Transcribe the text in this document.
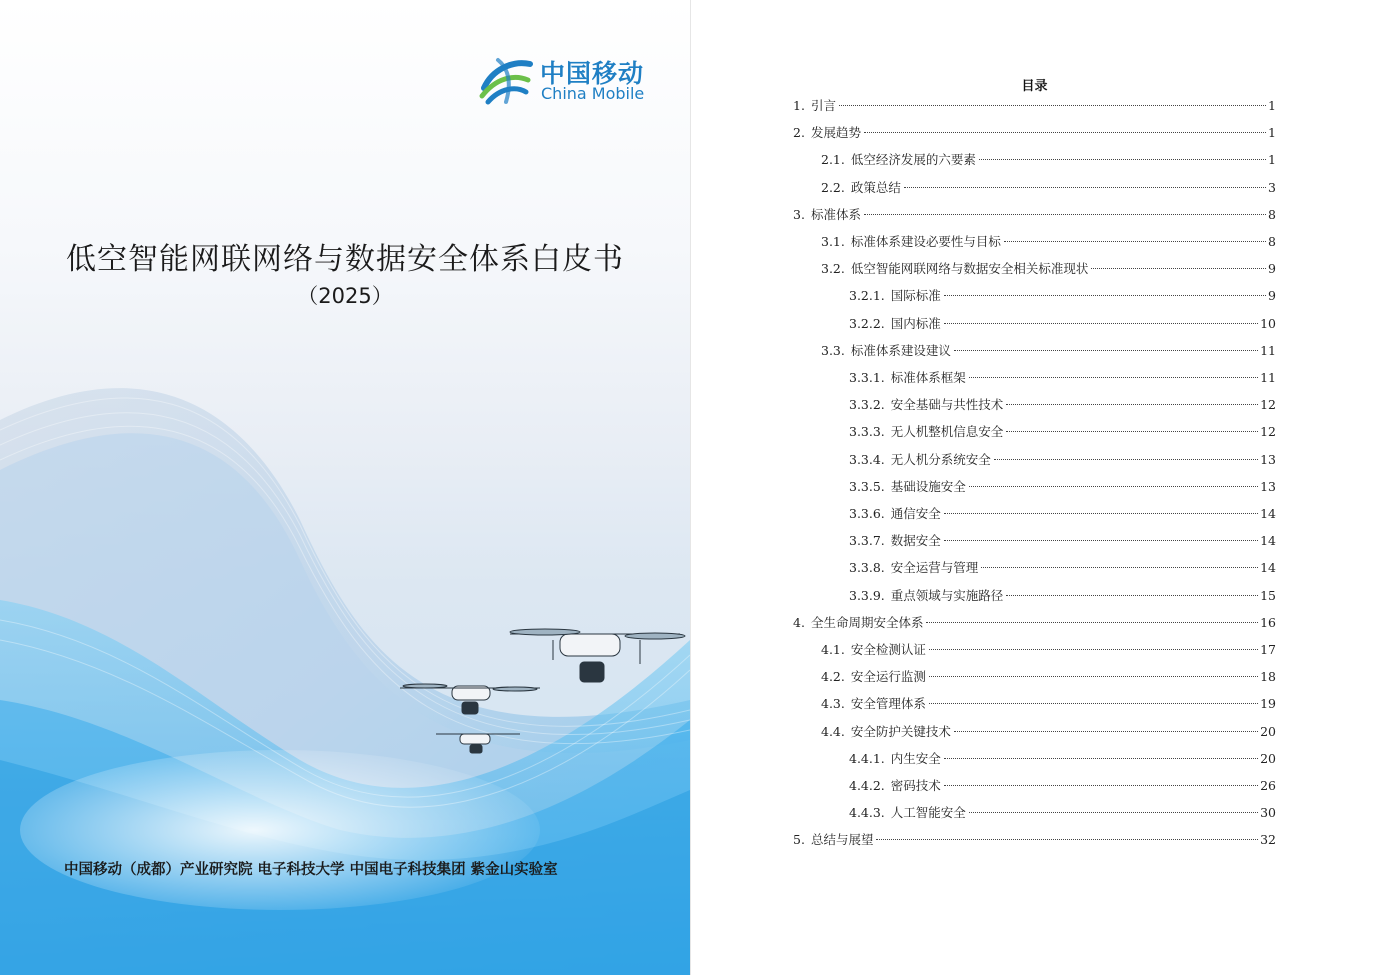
中国移动
China Mobile
低空智能网联网络与数据安全体系白皮书
（2025）
中国移动（成都）产业研究院 电子科技大学 中国电子科技集团 紫金山实验室
目录
1. 引言	1
2. 发展趋势	1
2.1. 低空经济发展的六要素	1
2.2. 政策总结	3
3. 标准体系	8
3.1. 标准体系建设必要性与目标	8
3.2. 低空智能网联网络与数据安全相关标准现状	9
3.2.1. 国际标准	9
3.2.2. 国内标准	10
3.3. 标准体系建设建议	11
3.3.1. 标准体系框架	11
3.3.2. 安全基础与共性技术	12
3.3.3. 无人机整机信息安全	12
3.3.4. 无人机分系统安全	13
3.3.5. 基础设施安全	13
3.3.6. 通信安全	14
3.3.7. 数据安全	14
3.3.8. 安全运营与管理	14
3.3.9. 重点领域与实施路径	15
4. 全生命周期安全体系	16
4.1. 安全检测认证	17
4.2. 安全运行监测	18
4.3. 安全管理体系	19
4.4. 安全防护关键技术	20
4.4.1. 内生安全	20
4.4.2. 密码技术	26
4.4.3. 人工智能安全	30
5. 总结与展望	32
